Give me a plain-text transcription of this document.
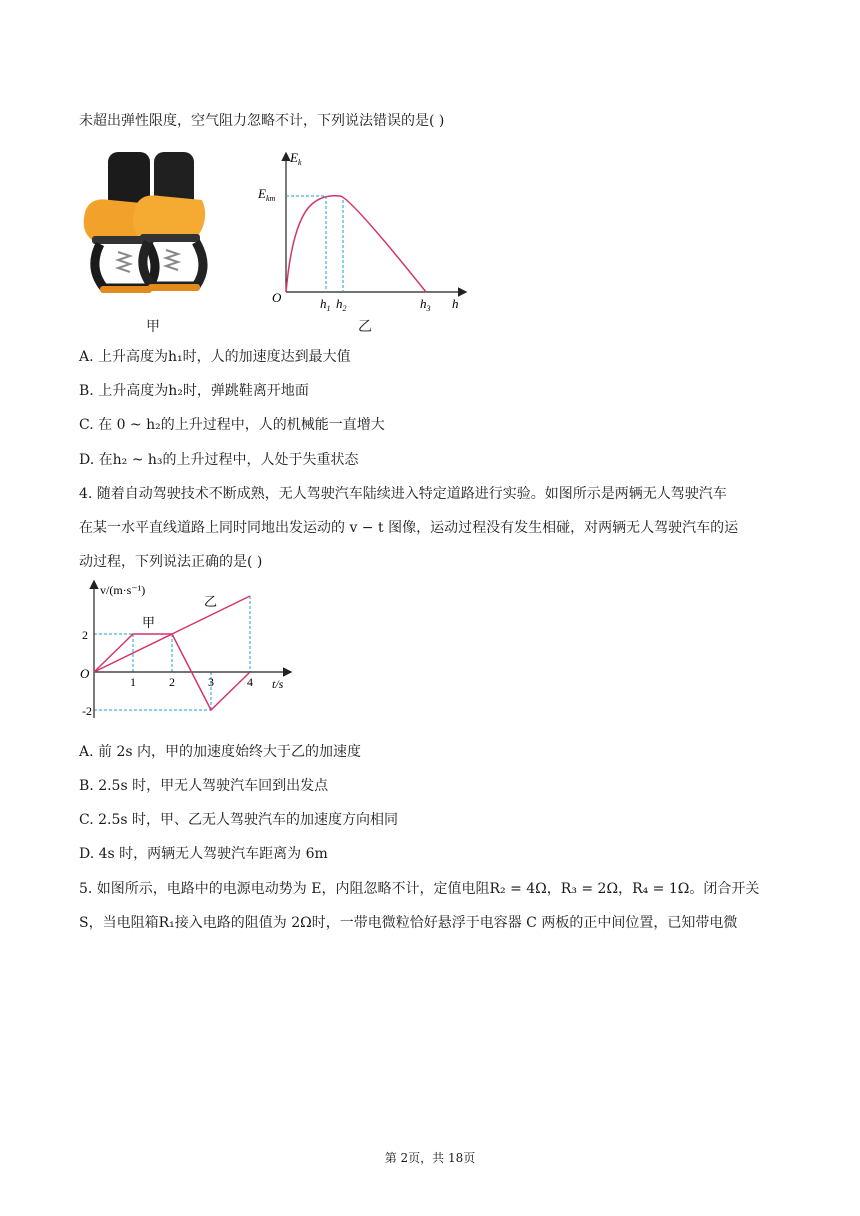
未超出弹性限度，空气阻力忽略不计，下列说法错误的是( )
甲
$E_k$
$E_{km}$
O	$h_1$ $h_2$	$h_3$ h
乙
A. 上升高度为h₁时，人的加速度达到最大值
B. 上升高度为h₂时，弹跳鞋离开地面
C. 在 0 ~ h₂的上升过程中，人的机械能一直增大
D. 在h₂ ~ h₃的上升过程中，人处于失重状态
4. 随着自动驾驶技术不断成熟，无人驾驶汽车陆续进入特定道路进行实验。如图所示是两辆无人驾驶汽车
在某一水平直线道路上同时同地出发运动的 v − t 图像，运动过程没有发生相碰，对两辆无人驾驶汽车的运
动过程，下列说法正确的是( )
1	2	3	4
2
-2
v/(m·s⁻¹)
t/s
O
甲
乙
A. 前 2s 内，甲的加速度始终大于乙的加速度
B. 2.5s 时，甲无人驾驶汽车回到出发点
C. 2.5s 时，甲、乙无人驾驶汽车的加速度方向相同
D. 4s 时，两辆无人驾驶汽车距离为 6m
5. 如图所示，电路中的电源电动势为 E，内阻忽略不计，定值电阻R₂ = 4Ω，R₃ = 2Ω，R₄ = 1Ω。闭合开关
S，当电阻箱R₁接入电路的阻值为 2Ω时，一带电微粒恰好悬浮于电容器 C 两板的正中间位置，已知带电微
第 2页，共 18页
